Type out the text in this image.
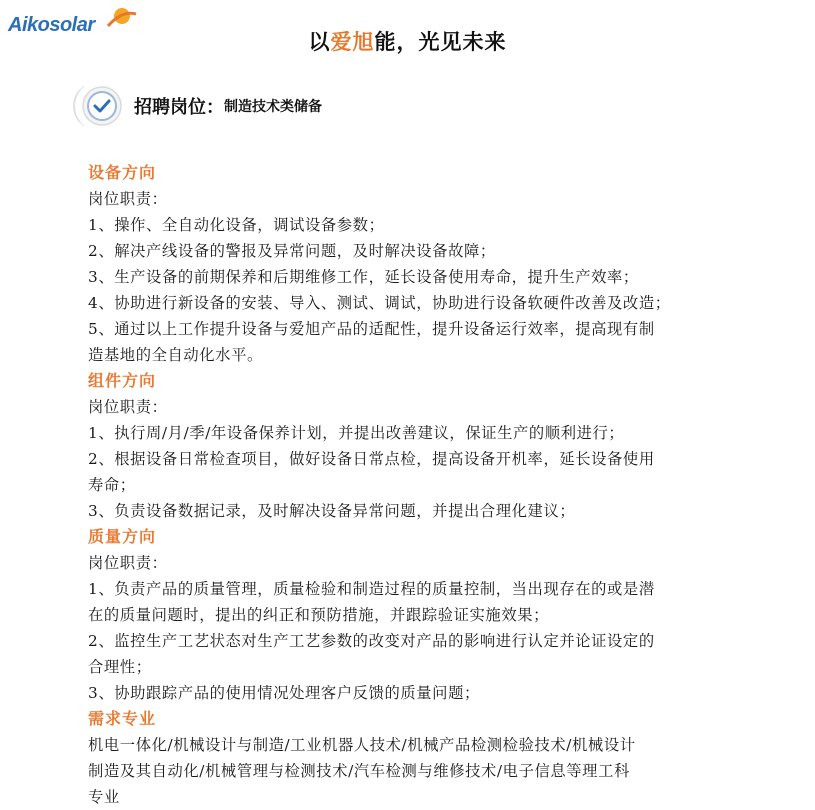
Aikosolar
以爱旭能，光见未来
招聘岗位： 制造技术类储备
设备方向

岗位职责：

1、操作、全自动化设备，调试设备参数；

2、解决产线设备的警报及异常问题，及时解决设备故障；

3、生产设备的前期保养和后期维修工作，延长设备使用寿命，提升生产效率；

4、协助进行新设备的安装、导入、测试、调试，协助进行设备软硬件改善及改造；

5、通过以上工作提升设备与爱旭产品的适配性，提升设备运行效率，提高现有制

造基地的全自动化水平。

组件方向

岗位职责：

1、执行周/月/季/年设备保养计划，并提出改善建议，保证生产的顺利进行；

2、根据设备日常检查项目，做好设备日常点检，提高设备开机率，延长设备使用

寿命；

3、负责设备数据记录，及时解决设备异常问题，并提出合理化建议；

质量方向

岗位职责：

1、负责产品的质量管理，质量检验和制造过程的质量控制，当出现存在的或是潜

在的质量问题时，提出的纠正和预防措施，并跟踪验证实施效果；

2、监控生产工艺状态对生产工艺参数的改变对产品的影响进行认定并论证设定的

合理性；

3、协助跟踪产品的使用情况处理客户反馈的质量问题；

需求专业

机电一体化/机械设计与制造/工业机器人技术/机械产品检测检验技术/机械设计

制造及其自动化/机械管理与检测技术/汽车检测与维修技术/电子信息等理工科

专业
